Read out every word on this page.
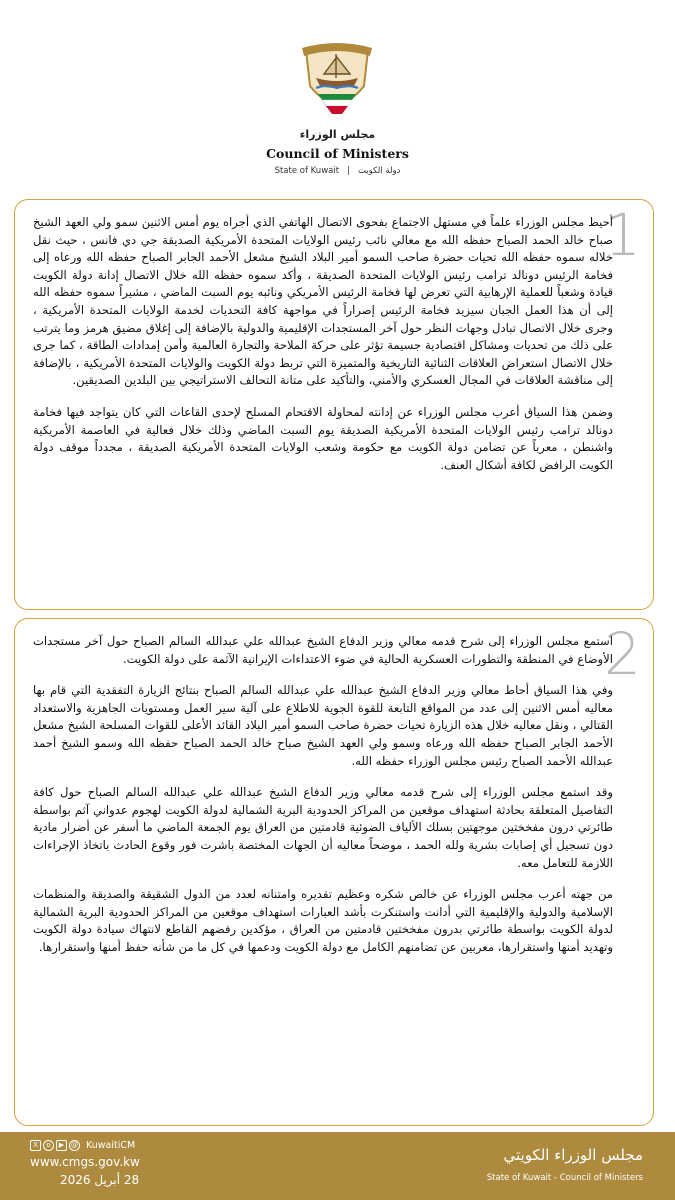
مجلس الوزراء
Council of Ministers
State of Kuwait | دولة الكويت
1

أحيط مجلس الوزراء علماً في مستهل الاجتماع بفحوى الاتصال الهاتفي الذي أجراه يوم أمس الاثنين سمو ولي العهد الشيخ صباح خالد الحمد الصباح حفظه الله مع معالي نائب رئيس الولايات المتحدة الأمريكية الصديقة جي دي فانس ، حيث نقل خلاله سموه حفظه الله تحيات حضرة صاحب السمو أمير البلاد الشيخ مشعل الأحمد الجابر الصباح حفظه الله ورعاه إلى فخامة الرئيس دونالد ترامب رئيس الولايات المتحدة الصديقة ، وأكد سموه حفظه الله خلال الاتصال إدانة دولة الكويت قيادة وشعباً للعملية الإرهابية التي تعرض لها فخامة الرئيس الأمريكي ونائبه يوم السبت الماضي ، مشيراً سموه حفظه الله إلى أن هذا العمل الجبان سيزيد فخامة الرئيس إصراراً في مواجهة كافة التحديات لخدمة الولايات المتحدة الأمريكية ، وجرى خلال الاتصال تبادل وجهات النظر حول آخر المستجدات الإقليمية والدولية بالإضافة إلى إغلاق مضيق هرمز وما يترتب على ذلك من تحديات ومشاكل اقتصادية جسيمة تؤثر على حركة الملاحة والتجارة العالمية وأمن إمدادات الطاقة ، كما جرى خلال الاتصال استعراض العلاقات الثنائية التاريخية والمتميزة التي تربط دولة الكويت والولايات المتحدة الأمريكية ، بالإضافة إلى مناقشة العلاقات في المجال العسكري والأمني، والتأكيد على متانة التحالف الاستراتيجي بين البلدين الصديقين.

وضمن هذا السياق أعرب مجلس الوزراء عن إدانته لمحاولة الاقتحام المسلح لإحدى القاعات التي كان يتواجد فيها فخامة دونالد ترامب رئيس الولايات المتحدة الأمريكية الصديقة يوم السبت الماضي وذلك خلال فعالية في العاصمة الأمريكية واشنطن ، معرباً عن تضامن دولة الكويت مع حكومة وشعب الولايات المتحدة الأمريكية الصديقة ، مجدداً موقف دولة الكويت الرافض لكافة أشكال العنف.

2

استمع مجلس الوزراء إلى شرح قدمه معالي وزير الدفاع الشيخ عبدالله علي عبدالله السالم الصباح حول آخر مستجدات الأوضاع في المنطقة والتطورات العسكرية الحالية في ضوء الاعتداءات الإيرانية الآثمة على دولة الكويت.

وفي هذا السياق أحاط معالي وزير الدفاع الشيخ عبدالله علي عبدالله السالم الصباح بنتائج الزيارة التفقدية التي قام بها معاليه أمس الاثنين إلى عدد من المواقع التابعة للقوة الجوية للاطلاع على آلية سير العمل ومستويات الجاهزية والاستعداد القتالي ، ونقل معاليه خلال هذه الزيارة تحيات حضرة صاحب السمو أمير البلاد القائد الأعلى للقوات المسلحة الشيخ مشعل الأحمد الجابر الصباح حفظه الله ورعاه وسمو ولي العهد الشيخ صباح خالد الحمد الصباح حفظه الله وسمو الشيخ أحمد عبدالله الأحمد الصباح رئيس مجلس الوزراء حفظه الله.

وقد استمع مجلس الوزراء إلى شرح قدمه معالي وزير الدفاع الشيخ عبدالله علي عبدالله السالم الصباح حول كافة التفاصيل المتعلقة بحادثة استهداف موقعين من المراكز الحدودية البرية الشمالية لدولة الكويت لهجوم عدواني آثم بواسطة طائرتي درون مفخختين موجهتين بسلك الألياف الضوئية قادمتين من العراق يوم الجمعة الماضي ما أسفر عن أضرار مادية دون تسجيل أي إصابات بشرية ولله الحمد ، موضحاً معاليه أن الجهات المختصة باشرت فور وقوع الحادث باتخاذ الإجراءات اللازمة للتعامل معه.

من جهته أعرب مجلس الوزراء عن خالص شكره وعظيم تقديره وامتنانه لعدد من الدول الشقيقة والصديقة والمنظمات الإسلامية والدولية والإقليمية التي أدانت واستنكرت بأشد العبارات استهداف موقعين من المراكز الحدودية البرية الشمالية لدولة الكويت بواسطة طائرتي بدرون مفخختين قادمتين من العراق ، مؤكدين رفضهم القاطع لانتهاك سيادة دولة الكويت وتهديد أمنها واستقرارها، معربين عن تضامنهم الكامل مع دولة الكويت ودعمها في كل ما من شأنه حفظ أمنها واستقرارها.

X	o	▶ @ KuwaitiCM
www.cmgs.gov.kw
28 أبريل 2026
مجلس الوزراء الكويتي
State of Kuwait - Council of Ministers
